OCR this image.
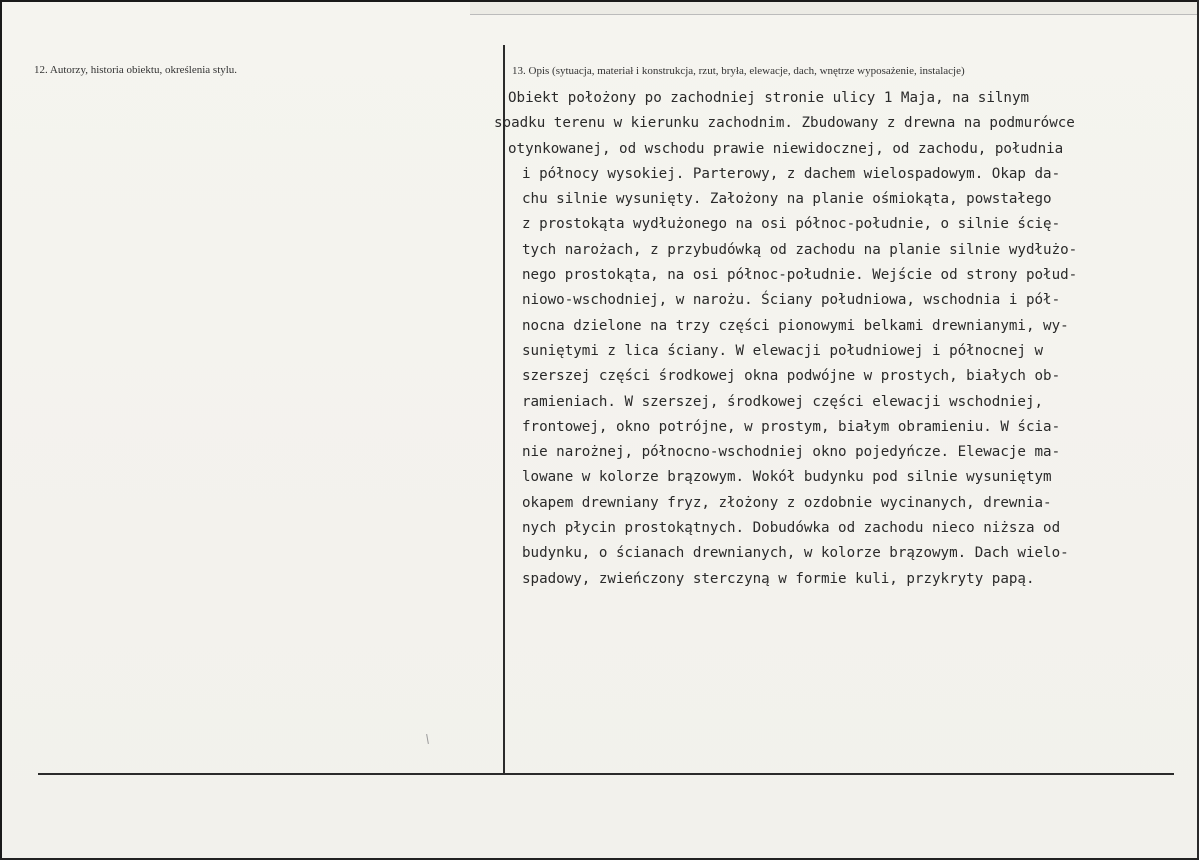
12. Autorzy, historia obiektu, określenia stylu.	13. Opis (sytuacja, materiał i konstrukcja, rzut, bryła, elewacje, dach, wnętrze wyposażenie, instalacje)
Obiekt położony po zachodniej stronie ulicy 1 Maja, na silnym
spadku terenu w kierunku zachodnim. Zbudowany z drewna na podmurówce
otynkowanej, od wschodu prawie niewidocznej, od zachodu, południa
i północy wysokiej. Parterowy, z dachem wielospadowym. Okap da-
chu silnie wysunięty. Założony na planie ośmiokąta, powstałego
z prostokąta wydłużonego na osi północ-południe, o silnie ścię-
tych narożach, z przybudówką od zachodu na planie silnie wydłużo-
nego prostokąta, na osi północ-południe. Wejście od strony połud-
niowo-wschodniej, w narożu. Ściany południowa, wschodnia i pół-
nocna dzielone na trzy części pionowymi belkami drewnianymi, wy-
suniętymi z lica ściany. W elewacji południowej i północnej w
szerszej części środkowej okna podwójne w prostych, białych ob-
ramieniach. W szerszej, środkowej części elewacji wschodniej,
frontowej, okno potrójne, w prostym, białym obramieniu. W ścia-
nie narożnej, północno-wschodniej okno pojedyńcze. Elewacje ma-
lowane w kolorze brązowym. Wokół budynku pod silnie wysuniętym
okapem drewniany fryz, złożony z ozdobnie wycinanych, drewnia-
nych płycin prostokątnych. Dobudówka od zachodu nieco niższa od
budynku, o ścianach drewnianych, w kolorze brązowym. Dach wielo-
spadowy, zwieńczony sterczyną w formie kuli, przykryty papą.
